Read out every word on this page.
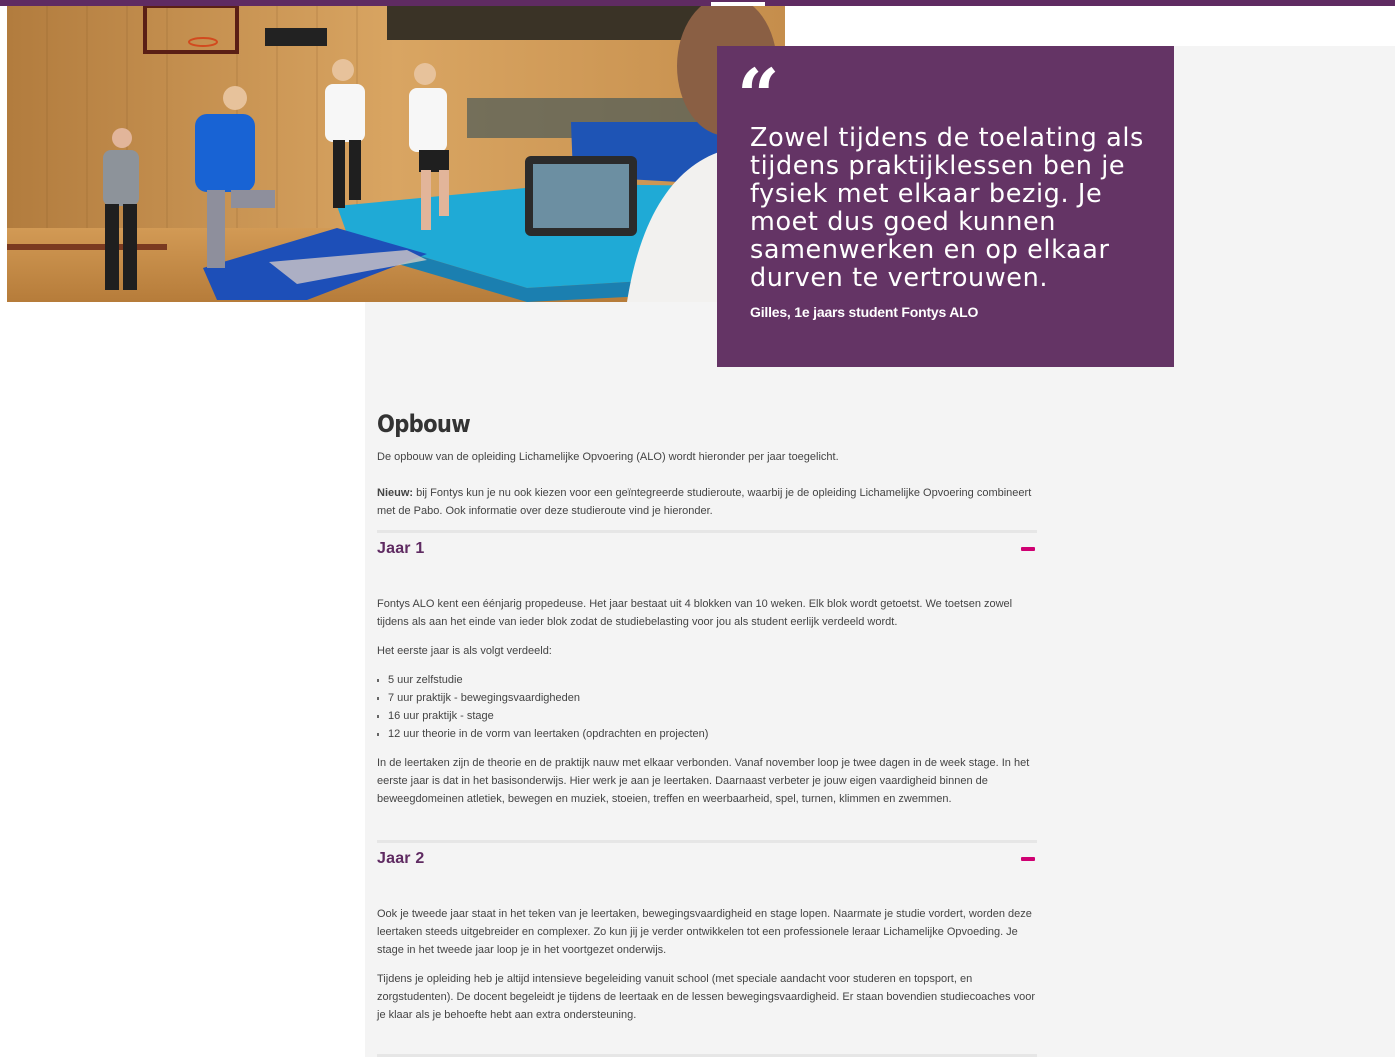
“

Zowel tijdens de toelating als tijdens praktijklessen ben je fysiek met elkaar bezig. Je moet dus goed kunnen samenwerken en op elkaar durven te vertrouwen.

Gilles, 1e jaars student Fontys ALO
Opbouw

De opbouw van de opleiding Lichamelijke Opvoering (ALO) wordt hieronder per jaar toegelicht.

Nieuw: bij Fontys kun je nu ook kiezen voor een geïntegreerde studieroute, waarbij je de opleiding Lichamelijke Opvoering combineert met de Pabo. Ook informatie over deze studieroute vind je hieronder.

Jaar 1

Fontys ALO kent een éénjarig propedeuse. Het jaar bestaat uit 4 blokken van 10 weken. Elk blok wordt getoetst. We toetsen zowel tijdens als aan het einde van ieder blok zodat de studiebelasting voor jou als student eerlijk verdeeld wordt.

Het eerste jaar is als volgt verdeeld:

5 uur zelfstudie
7 uur praktijk - bewegingsvaardigheden
16 uur praktijk - stage
12 uur theorie in de vorm van leertaken (opdrachten en projecten)

In de leertaken zijn de theorie en de praktijk nauw met elkaar verbonden. Vanaf november loop je twee dagen in de week stage. In het eerste jaar is dat in het basisonderwijs. Hier werk je aan je leertaken. Daarnaast verbeter je jouw eigen vaardigheid binnen de beweegdomeinen atletiek, bewegen en muziek, stoeien, treffen en weerbaarheid, spel, turnen, klimmen en zwemmen.

Jaar 2

Ook je tweede jaar staat in het teken van je leertaken, bewegingsvaardigheid en stage lopen. Naarmate je studie vordert, worden deze leertaken steeds uitgebreider en complexer. Zo kun jij je verder ontwikkelen tot een professionele leraar Lichamelijke Opvoeding. Je stage in het tweede jaar loop je in het voortgezet onderwijs.

Tijdens je opleiding heb je altijd intensieve begeleiding vanuit school (met speciale aandacht voor studeren en topsport, en zorgstudenten). De docent begeleidt je tijdens de leertaak en de lessen bewegingsvaardigheid. Er staan bovendien studiecoaches voor je klaar als je behoefte hebt aan extra ondersteuning.
